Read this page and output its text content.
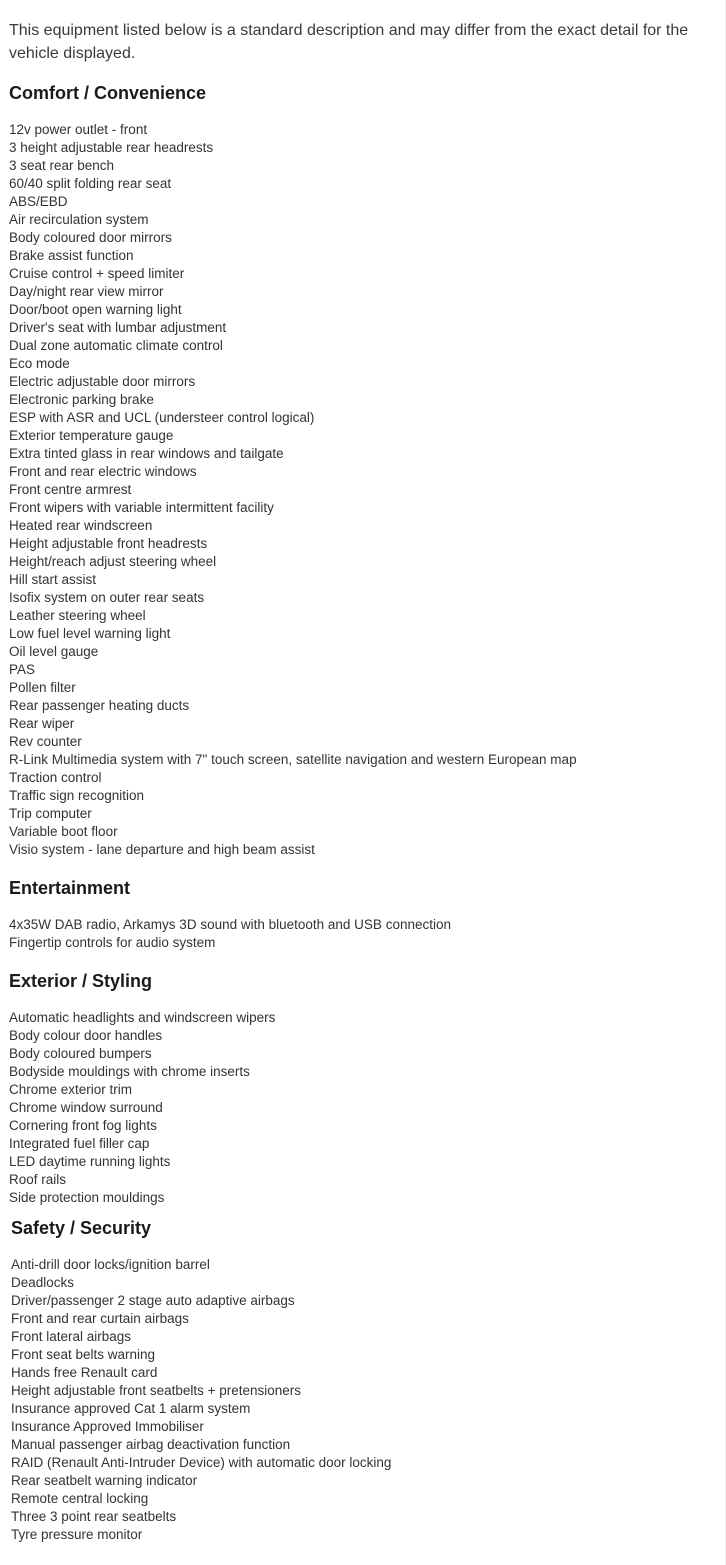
This equipment listed below is a standard description and may differ from the exact detail for the vehicle displayed.

Comfort / Convenience
12v power outlet - front
3 height adjustable rear headrests
3 seat rear bench
60/40 split folding rear seat
ABS/EBD
Air recirculation system
Body coloured door mirrors
Brake assist function
Cruise control + speed limiter
Day/night rear view mirror
Door/boot open warning light
Driver's seat with lumbar adjustment
Dual zone automatic climate control
Eco mode
Electric adjustable door mirrors
Electronic parking brake
ESP with ASR and UCL (understeer control logical)
Exterior temperature gauge
Extra tinted glass in rear windows and tailgate
Front and rear electric windows
Front centre armrest
Front wipers with variable intermittent facility
Heated rear windscreen
Height adjustable front headrests
Height/reach adjust steering wheel
Hill start assist
Isofix system on outer rear seats
Leather steering wheel
Low fuel level warning light
Oil level gauge
PAS
Pollen filter
Rear passenger heating ducts
Rear wiper
Rev counter
R-Link Multimedia system with 7" touch screen, satellite navigation and western European map
Traction control
Traffic sign recognition
Trip computer
Variable boot floor
Visio system - lane departure and high beam assist
Entertainment
4x35W DAB radio, Arkamys 3D sound with bluetooth and USB connection
Fingertip controls for audio system
Exterior / Styling
Automatic headlights and windscreen wipers
Body colour door handles
Body coloured bumpers
Bodyside mouldings with chrome inserts
Chrome exterior trim
Chrome window surround
Cornering front fog lights
Integrated fuel filler cap
LED daytime running lights
Roof rails
Side protection mouldings
Safety / Security
Anti-drill door locks/ignition barrel
Deadlocks
Driver/passenger 2 stage auto adaptive airbags
Front and rear curtain airbags
Front lateral airbags
Front seat belts warning
Hands free Renault card
Height adjustable front seatbelts + pretensioners
Insurance approved Cat 1 alarm system
Insurance Approved Immobiliser
Manual passenger airbag deactivation function
RAID (Renault Anti-Intruder Device) with automatic door locking
Rear seatbelt warning indicator
Remote central locking
Three 3 point rear seatbelts
Tyre pressure monitor
